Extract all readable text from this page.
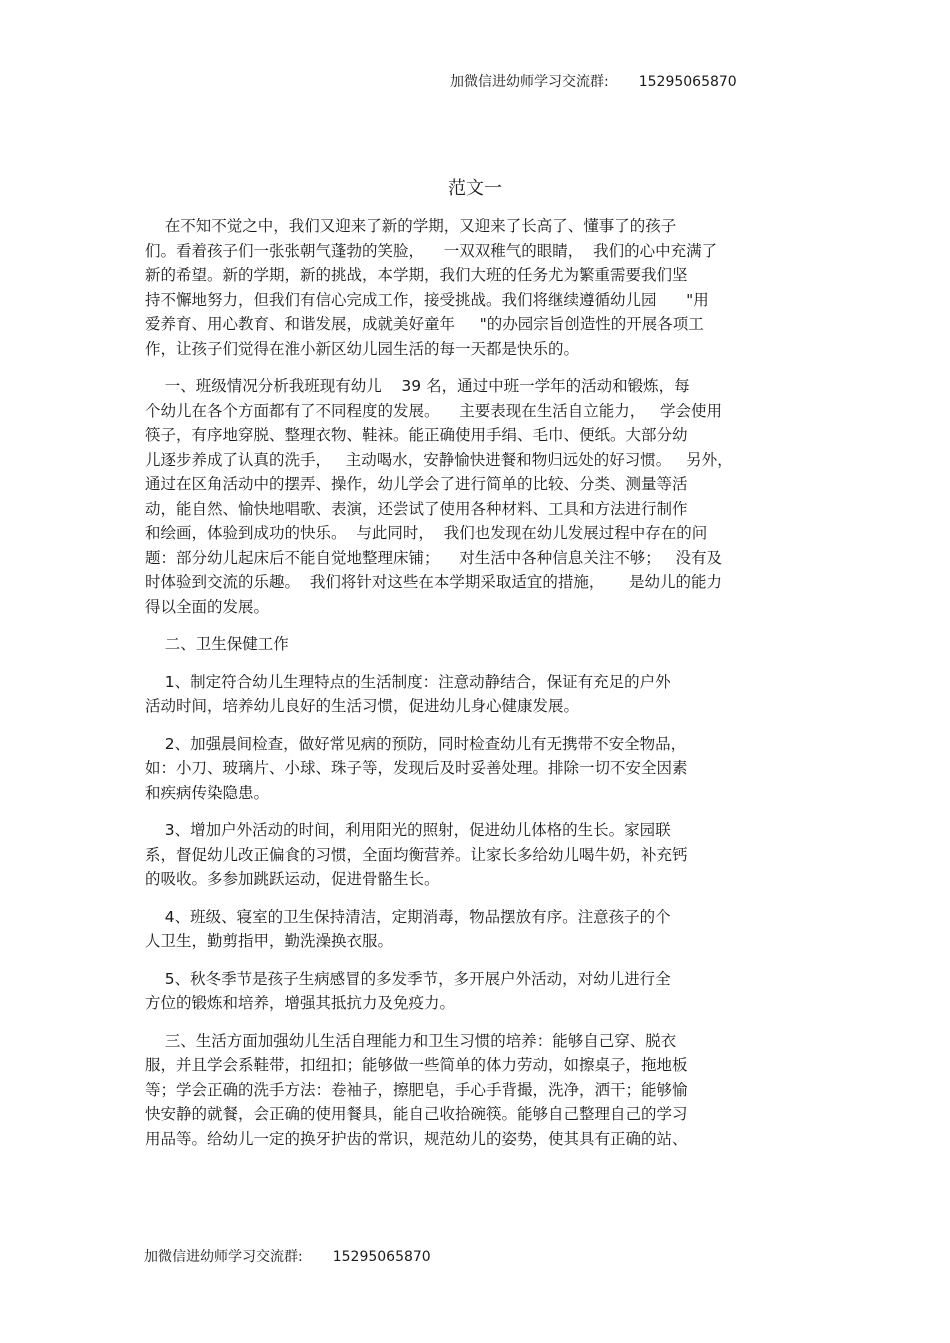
加微信进幼师学习交流群: 15295065870
范文一
在不知不觉之中，我们又迎来了新的学期，又迎来了长高了、懂事了的孩子
们。看着孩子们一张张朝气蓬勃的笑脸，    一双双稚气的眼睛，  我们的心中充满了
新的希望。新的学期，新的挑战，本学期，我们大班的任务尤为繁重需要我们坚
持不懈地努力，但我们有信心完成工作，接受挑战。我们将继续遵循幼儿园      "用
爱养育、用心教育、和谐发展，成就美好童年     "的办园宗旨创造性的开展各项工
作，让孩子们觉得在淮小新区幼儿园生活的每一天都是快乐的。
一、班级情况分析我班现有幼儿    39 名，通过中班一学年的活动和锻炼，每
个幼儿在各个方面都有了不同程度的发展。    主要表现在生活自立能力，   学会使用
筷子，有序地穿脱、整理衣物、鞋袜。能正确使用手绢、毛巾、便纸。大部分幼
儿逐步养成了认真的洗手，   主动喝水，安静愉快进餐和物归远处的好习惯。   另外，
通过在区角活动中的摆弄、操作，幼儿学会了进行简单的比较、分类、测量等活
动，能自然、愉快地唱歌、表演，还尝试了使用各种材料、工具和方法进行制作
和绘画，体验到成功的快乐。  与此同时，  我们也发现在幼儿发展过程中存在的问
题：部分幼儿起床后不能自觉地整理床铺；    对生活中各种信息关注不够；   没有及
时体验到交流的乐趣。  我们将针对这些在本学期采取适宜的措施，     是幼儿的能力
得以全面的发展。
二、卫生保健工作
1、制定符合幼儿生理特点的生活制度：注意动静结合，保证有充足的户外
活动时间，培养幼儿良好的生活习惯，促进幼儿身心健康发展。
2、加强晨间检查，做好常见病的预防，同时检查幼儿有无携带不安全物品，
如：小刀、玻璃片、小球、珠子等，发现后及时妥善处理。排除一切不安全因素
和疾病传染隐患。
3、增加户外活动的时间，利用阳光的照射，促进幼儿体格的生长。家园联
系，督促幼儿改正偏食的习惯，全面均衡营养。让家长多给幼儿喝牛奶，补充钙
的吸收。多参加跳跃运动，促进骨骼生长。
4、班级、寝室的卫生保持清洁，定期消毒，物品摆放有序。注意孩子的个
人卫生，勤剪指甲，勤洗澡换衣服。
5、秋冬季节是孩子生病感冒的多发季节，多开展户外活动，对幼儿进行全
方位的锻炼和培养，增强其抵抗力及免疫力。
三、生活方面加强幼儿生活自理能力和卫生习惯的培养：能够自己穿、脱衣
服，并且学会系鞋带，扣纽扣；能够做一些简单的体力劳动，如擦桌子，拖地板
等；学会正确的洗手方法：卷袖子，擦肥皂，手心手背撮，洗净，洒干；能够愉
快安静的就餐，会正确的使用餐具，能自己收拾碗筷。能够自己整理自己的学习
用品等。给幼儿一定的换牙护齿的常识，规范幼儿的姿势，使其具有正确的站、
加微信进幼师学习交流群: 15295065870
